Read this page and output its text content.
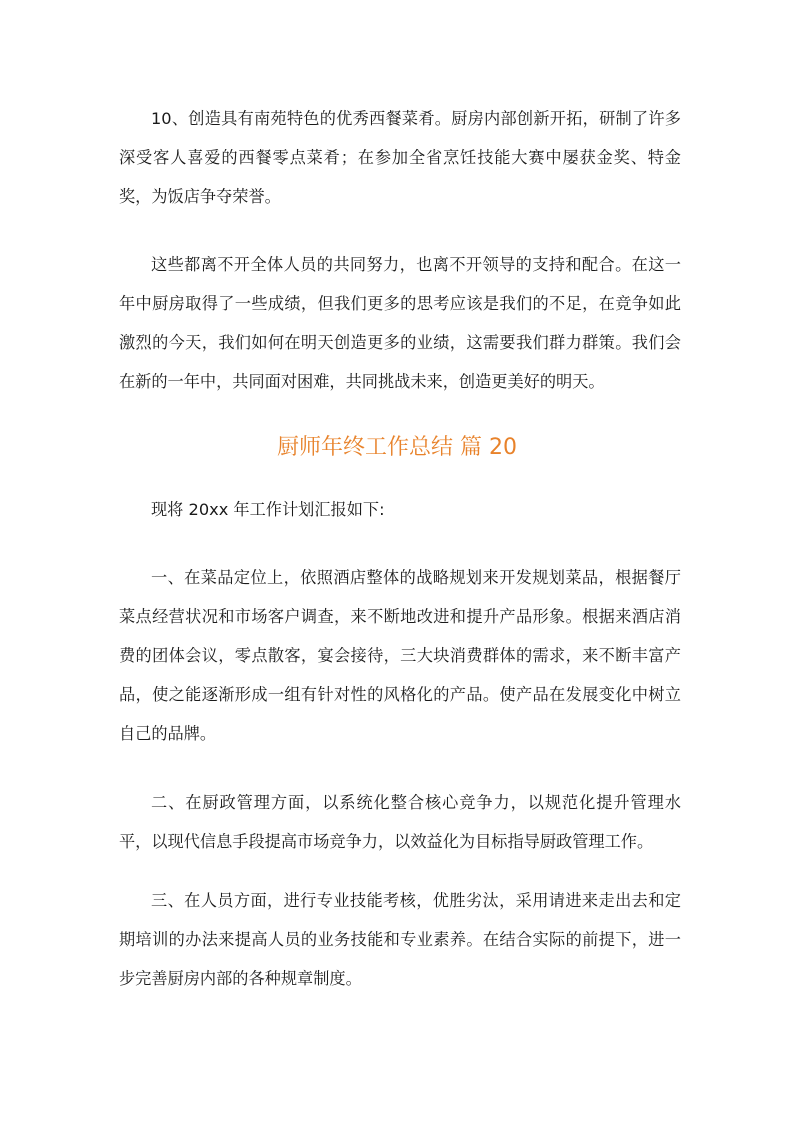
10、创造具有南苑特色的优秀西餐菜肴。厨房内部创新开拓，研制了许多深受客人喜爱的西餐零点菜肴；在参加全省烹饪技能大赛中屡获金奖、特金奖，为饭店争夺荣誉。

这些都离不开全体人员的共同努力，也离不开领导的支持和配合。在这一年中厨房取得了一些成绩，但我们更多的思考应该是我们的不足，在竞争如此激烈的今天，我们如何在明天创造更多的业绩，这需要我们群力群策。我们会在新的一年中，共同面对困难，共同挑战未来，创造更美好的明天。

厨师年终工作总结 篇 20

现将 20xx 年工作计划汇报如下:

一、在菜品定位上，依照酒店整体的战略规划来开发规划菜品，根据餐厅菜点经营状况和市场客户调查，来不断地改进和提升产品形象。根据来酒店消费的团体会议，零点散客，宴会接待，三大块消费群体的需求，来不断丰富产品，使之能逐渐形成一组有针对性的风格化的产品。使产品在发展变化中树立自己的品牌。

二、在厨政管理方面，以系统化整合核心竞争力，以规范化提升管理水平，以现代信息手段提高市场竞争力，以效益化为目标指导厨政管理工作。

三、在人员方面，进行专业技能考核，优胜劣汰，采用请进来走出去和定期培训的办法来提高人员的业务技能和专业素养。在结合实际的前提下，进一步完善厨房内部的各种规章制度。
